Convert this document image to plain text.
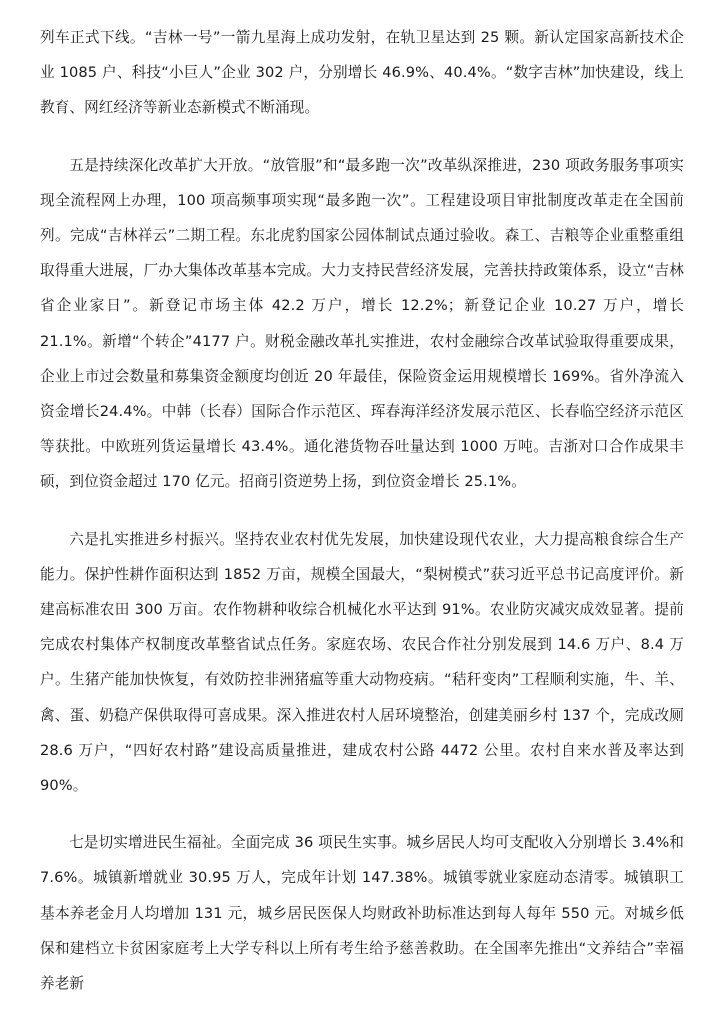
列车正式下线。“吉林一号”一箭九星海上成功发射，在轨卫星达到 25 颗。新认定国家高新技术企业 1085 户、科技“小巨人”企业 302 户，分别增长 46.9%、40.4%。“数字吉林”加快建设，线上教育、网红经济等新业态新模式不断涌现。

五是持续深化改革扩大开放。“放管服”和“最多跑一次”改革纵深推进，230 项政务服务事项实现全流程网上办理，100 项高频事项实现“最多跑一次”。工程建设项目审批制度改革走在全国前列。完成“吉林祥云”二期工程。东北虎豹国家公园体制试点通过验收。森工、吉粮等企业重整重组取得重大进展，厂办大集体改革基本完成。大力支持民营经济发展，完善扶持政策体系，设立“吉林省企业家日”。新登记市场主体 42.2 万户，增长 12.2%；新登记企业 10.27 万户，增长 21.1%。新增“个转企”4177 户。财税金融改革扎实推进，农村金融综合改革试验取得重要成果，企业上市过会数量和募集资金额度均创近 20 年最佳，保险资金运用规模增长 169%。省外净流入资金增长24.4%。中韩（长春）国际合作示范区、珲春海洋经济发展示范区、长春临空经济示范区等获批。中欧班列货运量增长 43.4%。通化港货物吞吐量达到 1000 万吨。吉浙对口合作成果丰硕，到位资金超过 170 亿元。招商引资逆势上扬，到位资金增长 25.1%。

六是扎实推进乡村振兴。坚持农业农村优先发展，加快建设现代农业，大力提高粮食综合生产能力。保护性耕作面积达到 1852 万亩，规模全国最大，“梨树模式”获习近平总书记高度评价。新建高标准农田 300 万亩。农作物耕种收综合机械化水平达到 91%。农业防灾减灾成效显著。提前完成农村集体产权制度改革整省试点任务。家庭农场、农民合作社分别发展到 14.6 万户、8.4 万户。生猪产能加快恢复，有效防控非洲猪瘟等重大动物疫病。“秸秆变肉”工程顺利实施，牛、羊、禽、蛋、奶稳产保供取得可喜成果。深入推进农村人居环境整治，创建美丽乡村 137 个，完成改厕 28.6 万户，“四好农村路”建设高质量推进，建成农村公路 4472 公里。农村自来水普及率达到 90%。

七是切实增进民生福祉。全面完成 36 项民生实事。城乡居民人均可支配收入分别增长 3.4%和7.6%。城镇新增就业 30.95 万人，完成年计划 147.38%。城镇零就业家庭动态清零。城镇职工基本养老金月人均增加 131 元，城乡居民医保人均财政补助标准达到每人每年 550 元。对城乡低保和建档立卡贫困家庭考上大学专科以上所有考生给予慈善救助。在全国率先推出“文养结合”幸福养老新
